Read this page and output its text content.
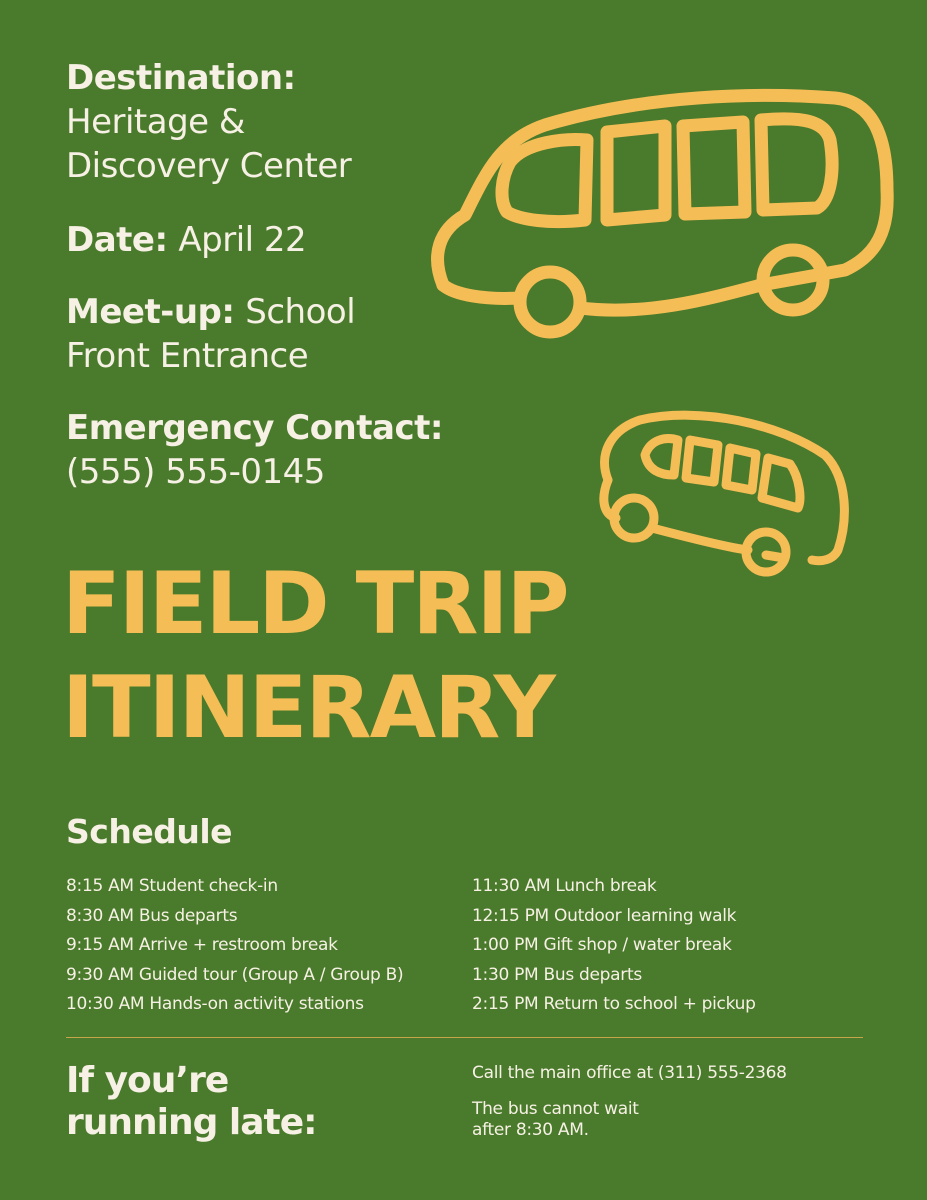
Destination:

Heritage &

Discovery Center

Date: April 22

Meet-up: School

Front Entrance

Emergency Contact:

(555) 555-0145

FIELD TRIP
ITINERARY
Schedule
8:15 AM Student check-in
8:30 AM Bus departs
9:15 AM Arrive + restroom break
9:30 AM Guided tour (Group A / Group B)
10:30 AM Hands-on activity stations
11:30 AM Lunch break
12:15 PM Outdoor learning walk
1:00 PM Gift shop / water break
1:30 PM Bus departs
2:15 PM Return to school + pickup
If you’re
running late:

Call the main office at (311) 555-2368

The bus cannot wait
after 8:30 AM.
